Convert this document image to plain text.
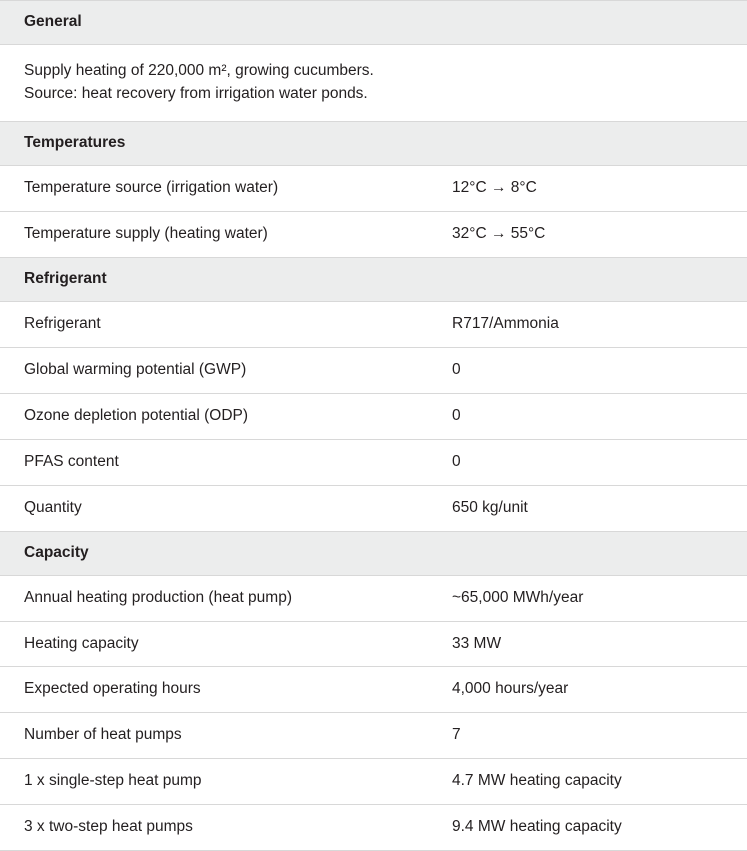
General
Supply heating of 220,000 m², growing cucumbers.
Source: heat recovery from irrigation water ponds.
Temperatures
Temperature source (irrigation water)	12°C → 8°C
Temperature supply (heating water)	32°C → 55°C
Refrigerant
Refrigerant	R717/Ammonia
Global warming potential (GWP)	0
Ozone depletion potential (ODP)	0
PFAS content	0
Quantity	650 kg/unit
Capacity
Annual heating production (heat pump)	~65,000 MWh/year
Heating capacity	33 MW
Expected operating hours	4,000 hours/year
Number of heat pumps	7
1 x single-step heat pump	4.7 MW heating capacity
3 x two-step heat pumps	9.4 MW heating capacity
